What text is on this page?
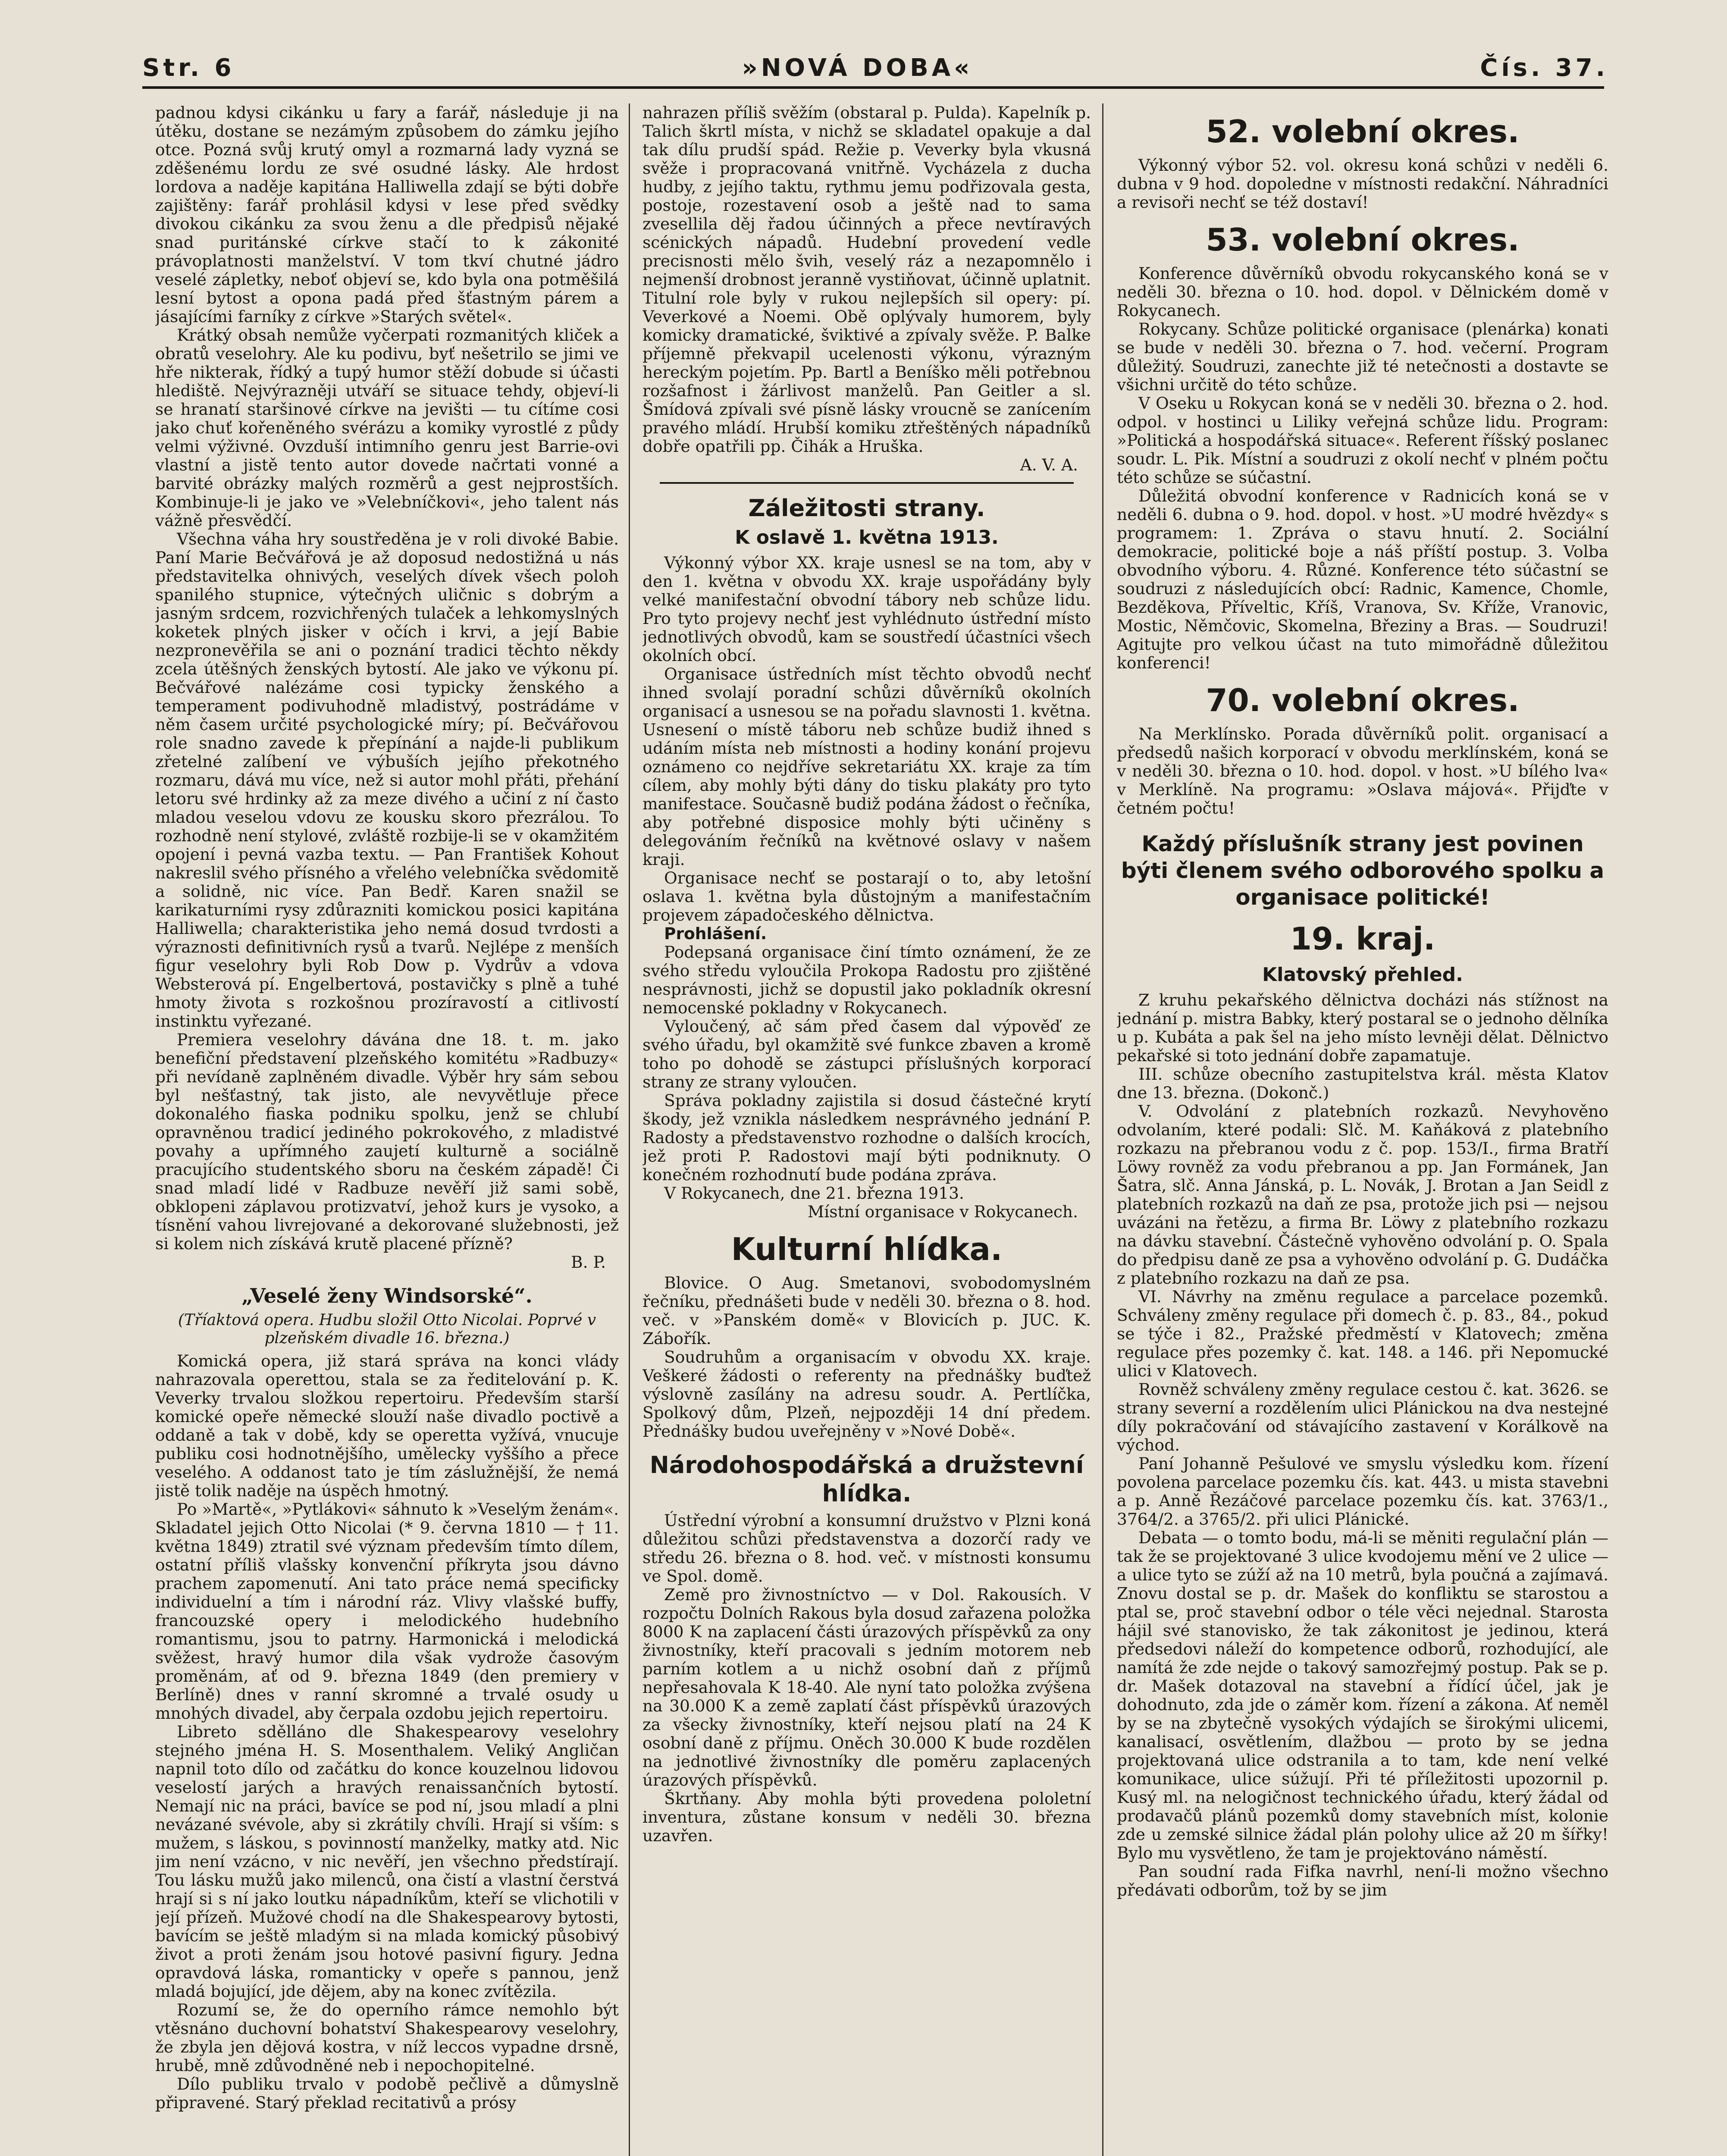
Str. 6	»NOVÁ DOBA«	Čís. 37.

padnou kdysi cikánku u fary a farář, následuje ji na útěku, dostane se nezámým způsobem do zámku jejího otce. Pozná svůj krutý omyl a rozmarná lady vyzná se zděšenému lordu ze své osudné lásky. Ale hrdost lordova a naděje kapitána Halliwella zdají se býti dobře zajištěny: farář prohlásil kdysi v lese před svědky divokou cikánku za svou ženu a dle předpisů nějaké snad puritánské církve stačí to k zákonité právoplatnosti manželství. V tom tkví chutné jádro veselé zápletky, neboť objeví se, kdo byla ona potměšilá lesní bytost a opona padá před šťastným párem a jásajícími farníky z církve »Starých světel«.

Krátký obsah nemůže vyčerpati rozmanitých kliček a obratů veselohry. Ale ku podivu, byť nešetrilo se jimi ve hře nikterak, řídký a tupý humor stěží dobude si účasti hlediště. Nejvýrazněji utváří se situace tehdy, objeví-li se hranatí staršinové církve na jevišti — tu cítíme cosi jako chuť kořeněného svérázu a komiky vyrostlé z půdy velmi výživné. Ovzduší intimního genru jest Barrie-ovi vlastní a jistě tento autor dovede načrtati vonné a barvité obrázky malých rozměrů a gest nejprostších. Kombinuje-li je jako ve »Velebníčkovi«, jeho talent nás vážně přesvědčí.

Všechna váha hry soustředěna je v roli divoké Babie. Paní Marie Bečvářová je až doposud nedostižná u nás představitelka ohnivých, veselých dívek všech poloh spanilého stupnice, výtečných uličnic s dobrým a jasným srdcem, rozvichřených tulaček a lehkomyslných koketek plných jisker v očích i krvi, a její Babie nezpronevěřila se ani o poznání tradici těchto někdy zcela útěšných ženských bytostí. Ale jako ve výkonu pí. Bečvářové nalézáme cosi typicky ženského a temperament podivuhodně mladistvý, postrádáme v něm časem určité psychologické míry; pí. Bečvářovou role snadno zavede k přepínání a najde-li publikum zřetelné zalíbení ve výbuších jejího překotného rozmaru, dává mu více, než si autor mohl přáti, přehání letoru své hrdinky až za meze divého a učiní z ní často mladou veselou vdovu ze kousku skoro přezrálou. To rozhodně není stylové, zvláště rozbije-li se v okamžitém opojení i pevná vazba textu. — Pan František Kohout nakreslil svého přísného a vřelého velebníčka svědomitě a solidně, nic více. Pan Bedř. Karen snažil se karikaturními rysy zdůrazniti komickou posici kapitána Halliwella; charakteristika jeho nemá dosud tvrdosti a výraznosti definitivních rysů a tvarů. Nejlépe z menších figur veselohry byli Rob Dow p. Vydrův a vdova Websterová pí. Engelbertová, postavičky s plně a tuhé hmoty života s rozkošnou prozíravostí a citlivostí instinktu vyřezané.

Premiera veselohry dávána dne 18. t. m. jako benefiční představení plzeňského komitétu »Radbuzy« při nevídaně zaplněném divadle. Výběr hry sám sebou byl nešťastný, tak jisto, ale nevyvětluje přece dokonalého fiaska podniku spolku, jenž se chlubí opravněnou tradicí jediného pokrokového, z mladistvé povahy a upřímného zaujetí kulturně a sociálně pracujícího studentského sboru na českém západě! Či snad mladí lidé v Radbuze nevěří již sami sobě, obklopeni záplavou protizvatví, jehož kurs je vysoko, a tísnění vahou livrejované a dekorované služebnosti, jež si kolem nich získává krutě placené přízně?

B. P.

„Veselé ženy Windsorské“.
(Tříaktová opera. Hudbu složil Otto Nicolai. Poprvé v plzeňském divadle 16. března.)

Komická opera, již stará správa na konci vlády nahrazovala operettou, stala se za ředitelování p. K. Veverky trvalou složkou repertoiru. Především starší komické opeře německé slouží naše divadlo poctivě a oddaně a tak v době, kdy se operetta vyžívá, vnucuje publiku cosi hodnotnějšího, umělecky vyššího a přece veselého. A oddanost tato je tím záslužnější, že nemá jistě tolik naděje na úspěch hmotný.

Po »Martě«, »Pytlákovi« sáhnuto k »Veselým ženám«. Skladatel jejich Otto Nicolai (* 9. června 1810 — † 11. května 1849) ztratil své význam především tímto dílem, ostatní příliš vlašsky konvenční příkryta jsou dávno prachem zapomenutí. Ani tato práce nemá specificky individuelní a tím i národní ráz. Vlivy vlašské buffy, francouzské opery i melodického hudebního romantismu, jsou to patrny. Harmonická i melodická svěžest, hravý humor dila však vydrože časovým proměnám, ať od 9. března 1849 (den premiery v Berlíně) dnes v ranní skromné a trvalé osudy u mnohých divadel, aby čerpala ozdobu jejich repertoiru.

Libreto sdělláno dle Shakespearovy veselohry stejného jména H. S. Mosenthalem. Veliký Angličan napnil toto dílo od začátku do konce kouzelnou lidovou veselostí jarých a hravých renaissančních bytostí. Nemají nic na práci, bavíce se pod ní, jsou mladí a plni nevázané svévole, aby si zkrátily chvíli. Hrají si vším: s mužem, s láskou, s povinností manželky, matky atd. Nic jim není vzácno, v nic nevěří, jen všechno předstírají. Tou lásku mužů jako milenců, ona čistí a vlastní čerstvá hrají si s ní jako loutku nápadníkům, kteří se vlichotili v její přízeň. Mužové chodí na dle Shakespearovy bytosti, bavícím se ještě mladým si na mlada komický působivý život a proti ženám jsou hotové pasivní figury. Jedna opravdová láska, romanticky v opeře s pannou, jenž mladá bojující, jde dějem, aby na konec zvítězila.

Rozumí se, že do operního rámce nemohlo být vtěsnáno duchovní bohatství Shakespearovy veselohry, že zbyla jen dějová kostra, v níž leccos vypadne drsně, hrubě, mně zdůvodněné neb i nepochopitelné.

Dílo publiku trvalo v podobě pečlivě a důmyslně připravené. Starý překlad recitativů a prósy

nahrazen příliš svěžím (obstaral p. Pulda). Kapelník p. Talich škrtl místa, v nichž se skladatel opakuje a dal tak dílu prudší spád. Režie p. Veverky byla vkusná svěže i propracovaná vnitřně. Vycházela z ducha hudby, z jejího taktu, rythmu jemu podřizovala gesta, postoje, rozestavení osob a ještě nad to sama zvesellila děj řadou účinných a přece nevtíravých scénických nápadů. Hudební provedení vedle precisnosti mělo švih, veselý ráz a nezapomnělo i nejmenší drobnost jeranně vystiňovat, účinně uplatnit. Titulní role byly v rukou nejlepších sil opery: pí. Veverkové a Noemi. Obě oplývaly humorem, byly komicky dramatické, šviktivé a zpívaly svěže. P. Balke příjemně překvapil ucelenosti výkonu, výrazným hereckým pojetím. Pp. Bartl a Beníško měli potřebnou rozšafnost i žárlivost manželů. Pan Geitler a sl. Šmídová zpívali své písně lásky vroucně se zanícením pravého mládí. Hrubší komiku ztřeštěných nápadníků dobře opatřili pp. Čihák a Hruška.

A. V. A.

Záležitosti strany.
K oslavě 1. května 1913.

Výkonný výbor XX. kraje usnesl se na tom, aby v den 1. května v obvodu XX. kraje uspořádány byly velké manifestační obvodní tábory neb schůze lidu. Pro tyto projevy nechť jest vyhlédnuto ústřední místo jednotlivých obvodů, kam se soustředí účastníci všech okolních obcí.

Organisace ústředních míst těchto obvodů nechť ihned svolají poradní schůzi důvěrníků okolních organisací a usnesou se na pořadu slavnosti 1. května. Usnesení o místě táboru neb schůze budiž ihned s udáním místa neb místnosti a hodiny konání projevu oznámeno co nejdříve sekretariátu XX. kraje za tím cílem, aby mohly býti dány do tisku plakáty pro tyto manifestace. Současně budiž podána žádost o řečníka, aby potřebné disposice mohly býti učiněny s delegováním řečníků na květnové oslavy v našem kraji.

Organisace nechť se postarají o to, aby letošní oslava 1. května byla důstojným a manifestačním projevem západočeského dělnictva.

Prohlášení.

Podepsaná organisace činí tímto oznámení, že ze svého středu vyloučila Prokopa Radostu pro zjištěné nesprávnosti, jichž se dopustil jako pokladník okresní nemocenské pokladny v Rokycanech.

Vyloučený, ač sám před časem dal výpověď ze svého úřadu, byl okamžitě své funkce zbaven a kromě toho po dohodě se zástupci příslušných korporací strany ze strany vyloučen.

Správa pokladny zajistila si dosud částečné krytí škody, jež vznikla následkem nesprávného jednání P. Radosty a představenstvo rozhodne o dalších krocích, jež proti P. Radostovi mají býti podniknuty. O konečném rozhodnutí bude podána zpráva.

V Rokycanech, dne 21. března 1913.

Místní organisace v Rokycanech.

Kulturní hlídka.

Blovice. O Aug. Smetanovi, svobodomyslném řečníku, přednášeti bude v neděli 30. března o 8. hod. več. v »Panském domě« v Blovicích p. JUC. K. Zábořík.

Soudruhům a organisacím v obvodu XX. kraje. Veškeré žádosti o referenty na přednášky buďtež výslovně zasílány na adresu soudr. A. Pertlíčka, Spolkový dům, Plzeň, nejpozději 14 dní předem. Přednášky budou uveřejněny v »Nové Době«.

Národohospodářská a družstevní hlídka.

Ústřední výrobní a konsumní družstvo v Plzni koná důležitou schůzi představenstva a dozorčí rady ve středu 26. března o 8. hod. več. v místnosti konsumu ve Spol. domě.

Země pro živnostníctvo — v Dol. Rakousích. V rozpočtu Dolních Rakous byla dosud zařazena položka 8000 K na zaplacení části úrazových příspěvků za ony živnostníky, kteří pracovali s jedním motorem neb parním kotlem a u nichž osobní daň z příjmů nepřesahovala K 18-40. Ale nyní tato položka zvýšena na 30.000 K a země zaplatí část příspěvků úrazových za všecky živnostníky, kteří nejsou platí na 24 K osobní daně z příjmu. Oněch 30.000 K bude rozdělen na jednotlivé živnostníky dle poměru zaplacených úrazových příspěvků.

Škrtňany. Aby mohla býti provedena pololetní inventura, zůstane konsum v neděli 30. března uzavřen.

52. volební okres.

Výkonný výbor 52. vol. okresu koná schůzi v neděli 6. dubna v 9 hod. dopoledne v místnosti redakční. Náhradníci a revisoři nechť se též dostaví!

53. volební okres.

Konference důvěrníků obvodu rokycanského koná se v neděli 30. března o 10. hod. dopol. v Dělnickém domě v Rokycanech.

Rokycany. Schůze politické organisace (plenárka) konati se bude v neděli 30. března o 7. hod. večerní. Program důležitý. Soudruzi, zanechte již té netečnosti a dostavte se všichni určitě do této schůze.

V Oseku u Rokycan koná se v neděli 30. března o 2. hod. odpol. v hostinci u Liliky veřejná schůze lidu. Program: »Politická a hospodářská situace«. Referent říšský poslanec soudr. L. Pik. Místní a soudruzi z okolí nechť v plném počtu této schůze se súčastní.

Důležitá obvodní konference v Radnicích koná se v neděli 6. dubna o 9. hod. dopol. v host. »U modré hvězdy« s programem: 1. Zpráva o stavu hnutí. 2. Sociální demokracie, politické boje a náš příští postup. 3. Volba obvodního výboru. 4. Různé. Konference této súčastní se soudruzi z následujících obcí: Radnic, Kamence, Chomle, Bezděkova, Příveltic, Kříš, Vranova, Sv. Kříže, Vranovic, Mostic, Němčovic, Skomelna, Březiny a Bras. — Soudruzi! Agitujte pro velkou účast na tuto mimořádně důležitou konferenci!

70. volební okres.

Na Merklínsko. Porada důvěrníků polit. organisací a předsedů našich korporací v obvodu merklínském, koná se v neděli 30. března o 10. hod. dopol. v host. »U bílého lva« v Merklíně. Na programu: »Oslava májová«. Přijďte v četném počtu!

Každý příslušník strany jest povinen býti členem svého odborového spolku a organisace politické!
19. kraj.
Klatovský přehled.

Z kruhu pekařského dělnictva docházi nás stížnost na jednání p. mistra Babky, který postaral se o jednoho dělníka u p. Kubáta a pak šel na jeho místo levněji dělat. Dělnictvo pekařské si toto jednání dobře zapamatuje.

III. schůze obecního zastupitelstva král. města Klatov dne 13. března. (Dokonč.)

V. Odvolání z platebních rozkazů. Nevyhověno odvolaním, které podali: Slč. M. Kaňáková z platebního rozkazu na přebranou vodu z č. pop. 153/I., firma Bratří Löwy rovněž za vodu přebranou a pp. Jan Formánek, Jan Šatra, slč. Anna Jánská, p. L. Novák, J. Brotan a Jan Seidl z platebních rozkazů na daň ze psa, protože jich psi — nejsou uvázáni na řetězu, a firma Br. Löwy z platebního rozkazu na dávku stavební. Částečně vyhověno odvolání p. O. Spala do předpisu daně ze psa a vyhověno odvolání p. G. Dudáčka z platebního rozkazu na daň ze psa.

VI. Návrhy na změnu regulace a parcelace pozemků. Schváleny změny regulace při domech č. p. 83., 84., pokud se týče i 82., Pražské předměstí v Klatovech; změna regulace přes pozemky č. kat. 148. a 146. při Nepomucké ulici v Klatovech.

Rovněž schváleny změny regulace cestou č. kat. 3626. se stranу severní a rozdělením ulici Plánickou na dva nestejné díly pokračování od stávajícího zastavení v Korálkově na východ.

Paní Johanně Pešulové ve smyslu výsledku kom. řízení povolena parcelace pozemku čís. kat. 443. u mista stavebni a p. Anně Řezáčové parcelace pozemku čís. kat. 3763/1., 3764/2. a 3765/2. při ulici Plánické.

Debata — o tomto bodu, má-li se měniti regulační plán — tak že se projektované 3 ulice kvodojemu mění ve 2 ulice — a ulice tyto se zúží až na 10 metrů, byla poučná a zajímavá. Znovu dostal se p. dr. Mašek do konfliktu se starostou a ptal se, proč stavební odbor o téle věci nejednal. Starosta hájil své stanovisko, že tak zákonitost je jedinou, která předsedovi náleží do kompetence odborů, rozhodující, ale namítá že zde nejde o takový samozřejmý postup. Pak se p. dr. Mašek dotazoval na stavební a řídící účel, jak je dohodnuto, zda jde o záměr kom. řízení a zákona. Ať neměl by se na zbytečně vysokých výdajích se širokými ulicemi, kanalisací, osvětlením, dlažbou — proto by se jedna projektovaná ulice odstranila a to tam, kde není velké komunikace, ulice súžují. Při té příležitosti upozornil p. Kusý ml. na nelogičnost technického úřadu, který žádal od prodavačů plánů pozemků domy stavebních míst, kolonie zde u zemské silnice žádal plán polohy ulice až 20 m šířky! Bylo mu vysvětleno, že tam je projektováno náměstí.

Pan soudní rada Fifka navrhl, není-li možno všechno předávati odborům, tož by se jim
